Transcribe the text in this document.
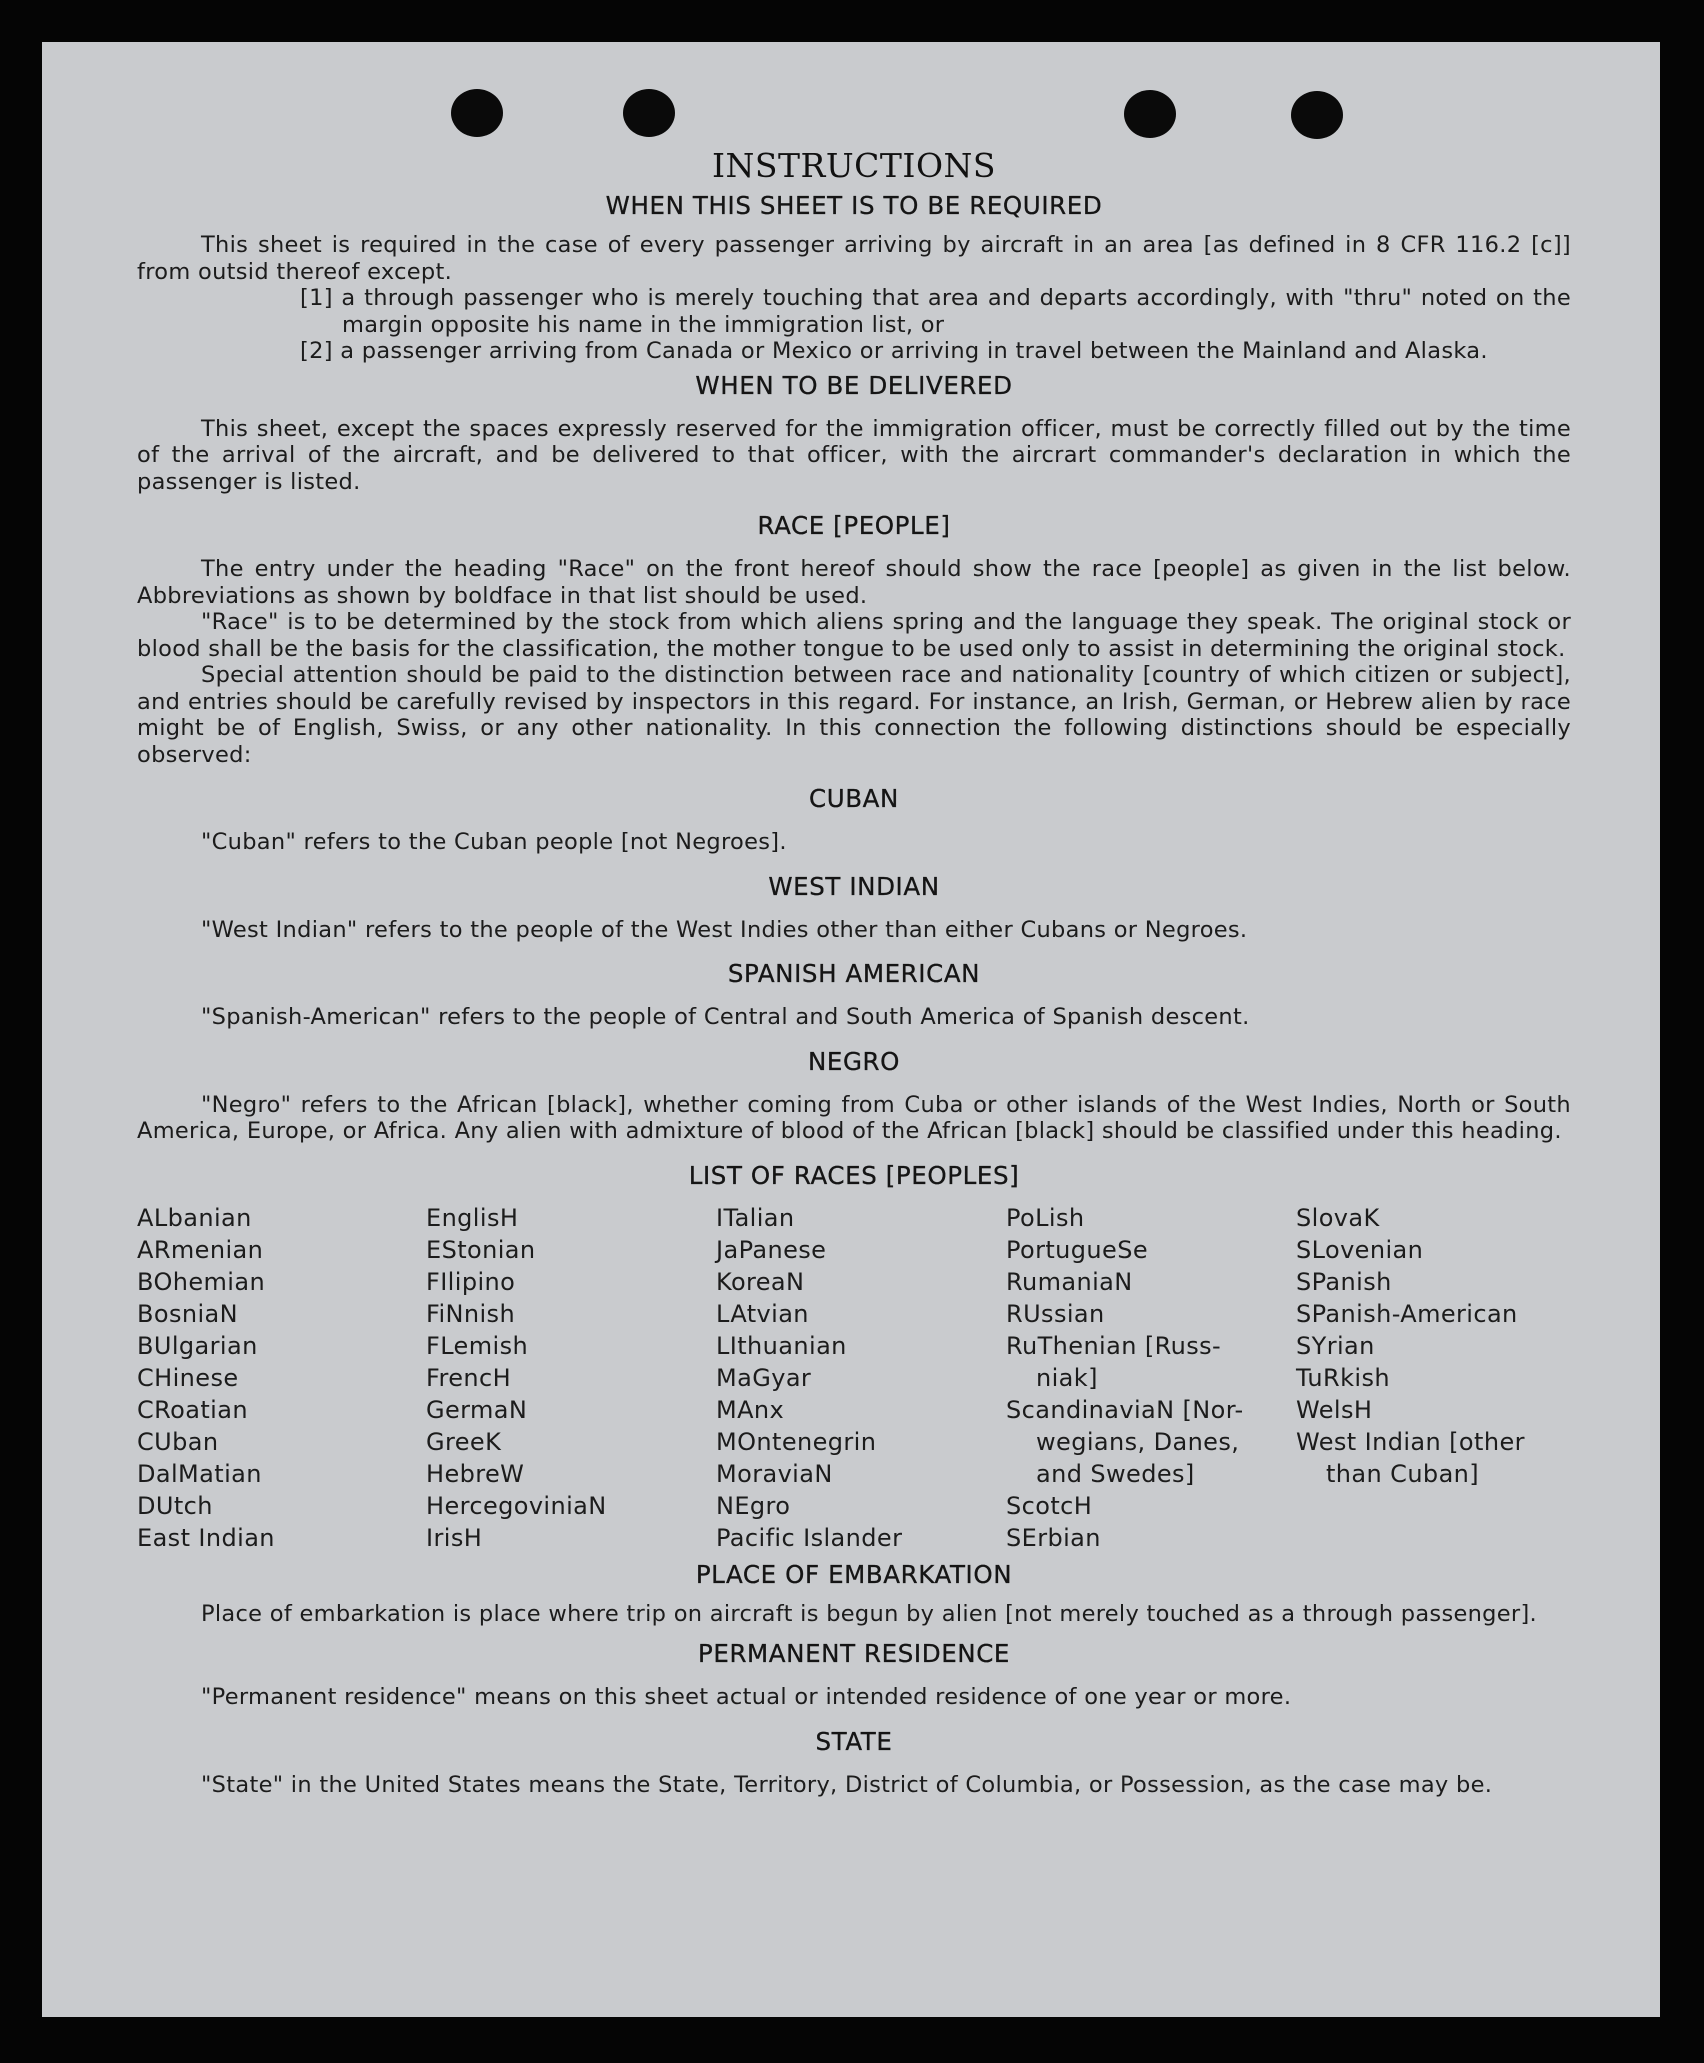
INSTRUCTIONS
WHEN THIS SHEET IS TO BE REQUIRED

This sheet is required in the case of every passenger arriving by aircraft in an area [as defined in 8 CFR 116.2 [c]] from outsid thereof except.

[1] a through passenger who is merely touching that area and departs accordingly, with "thru" noted on the margin opposite his name in the immigration list, or

[2] a passenger arriving from Canada or Mexico or arriving in travel between the Mainland and Alaska.

WHEN TO BE DELIVERED

This sheet, except the spaces expressly reserved for the immigration officer, must be correctly filled out by the time of the arrival of the aircraft, and be delivered to that officer, with the aircrart commander's declaration in which the passenger is listed.

RACE [PEOPLE]

The entry under the heading "Race" on the front hereof should show the race [people] as given in the list below. Abbreviations as shown by boldface in that list should be used.

"Race" is to be determined by the stock from which aliens spring and the language they speak. The original stock or blood shall be the basis for the classification, the mother tongue to be used only to assist in determining the original stock.

Special attention should be paid to the distinction between race and nationality [country of which citizen or subject], and entries should be carefully revised by inspectors in this regard. For instance, an Irish, German, or Hebrew alien by race might be of English, Swiss, or any other nationality. In this connection the following distinctions should be especially observed:

CUBAN

"Cuban" refers to the Cuban people [not Negroes].

WEST INDIAN

"West Indian" refers to the people of the West Indies other than either Cubans or Negroes.

SPANISH AMERICAN

"Spanish-American" refers to the people of Central and South America of Spanish descent.

NEGRO

"Negro" refers to the African [black], whether coming from Cuba or other islands of the West Indies, North or South America, Europe, or Africa. Any alien with admixture of blood of the African [black] should be classified under this heading.

LIST OF RACES [PEOPLES]
ALbanian
ARmenian
BOhemian
BosniaN
BUlgarian
CHinese
CRoatian
CUban
DalMatian
DUtch
East Indian
EnglisH
EStonian
FIlipino
FiNnish
FLemish
FrencH
GermaN
GreeK
HebreW
HercegoviniaN
IrisH
ITalian
JaPanese
KoreaN
LAtvian
LIthuanian
MaGyar
MAnx
MOntenegrin
MoraviaN
NEgro
Pacific Islander
PoLish
PortugueSe
RumaniaN
RUssian
RuThenian [Russ-
niak]
ScandinaviaN [Nor-
wegians, Danes,
and Swedes]
ScotcH
SErbian
SlovaK
SLovenian
SPanish
SPanish-American
SYrian
TuRkish
WelsH
West Indian [other
than Cuban]
PLACE OF EMBARKATION

Place of embarkation is place where trip on aircraft is begun by alien [not merely touched as a through passenger].

PERMANENT RESIDENCE

"Permanent residence" means on this sheet actual or intended residence of one year or more.

STATE

"State" in the United States means the State, Territory, District of Columbia, or Possession, as the case may be.
